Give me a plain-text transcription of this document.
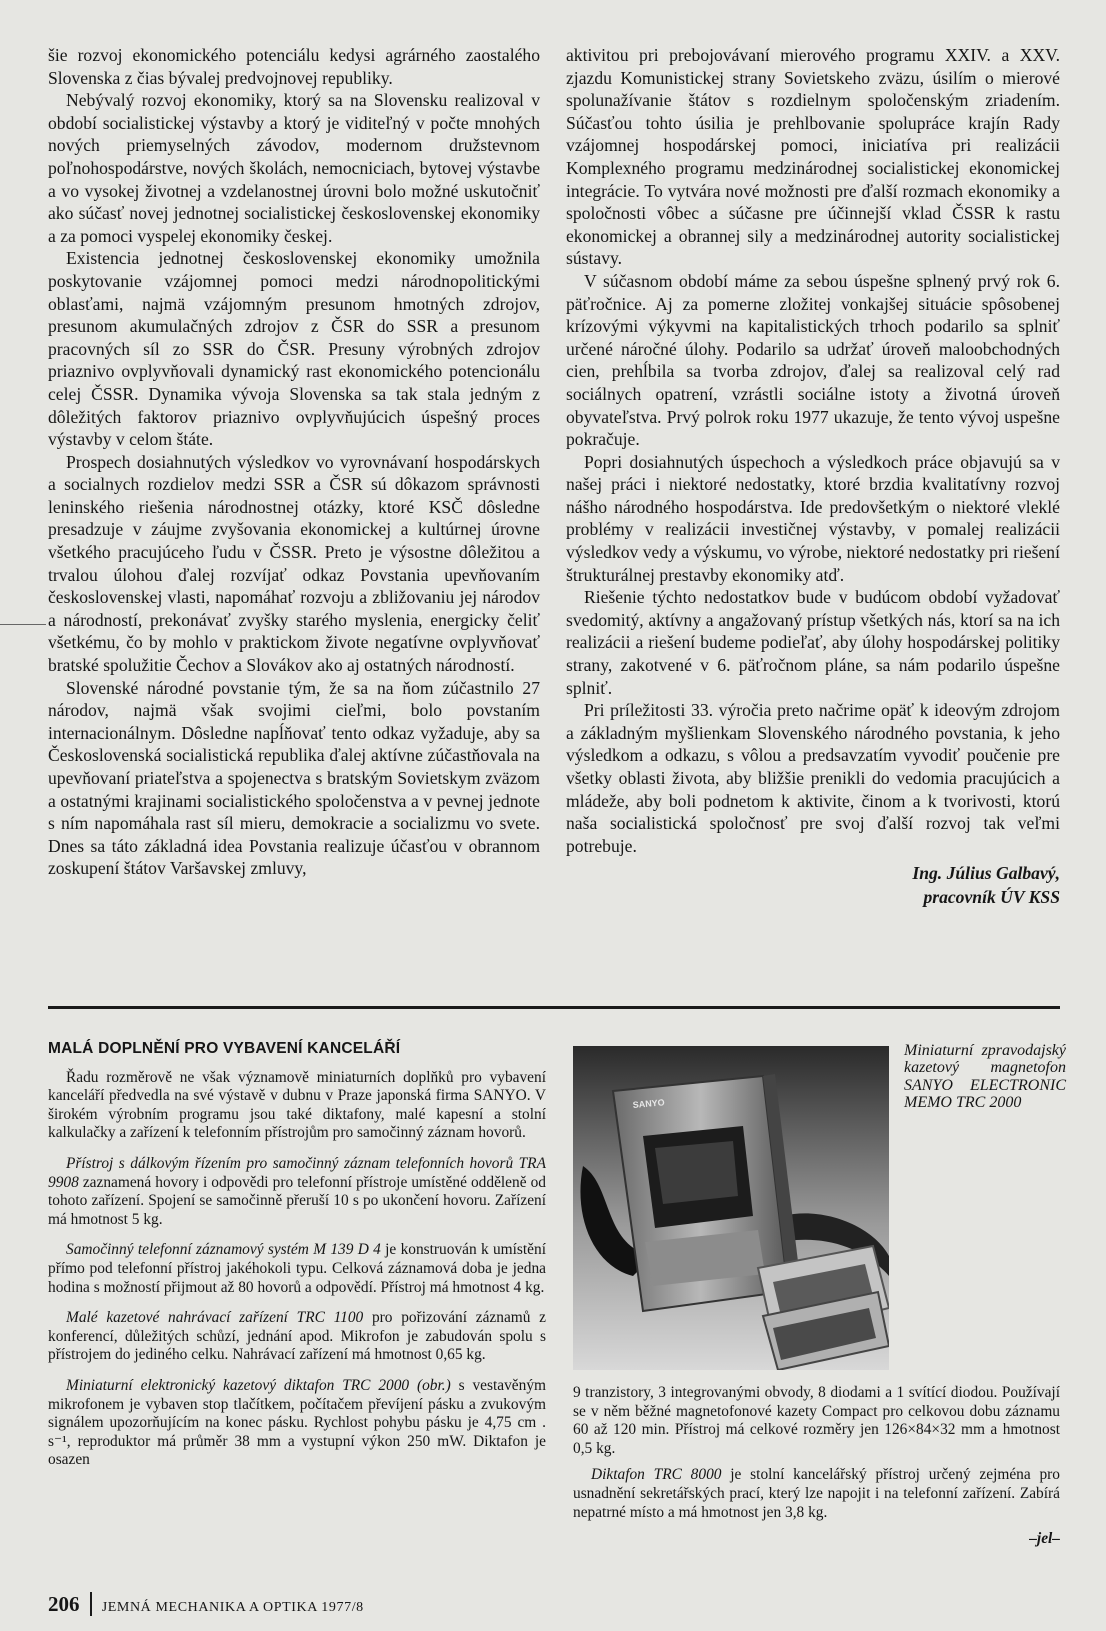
šie rozvoj ekonomického potenciálu kedysi agrárného zaostalého Slovenska z čias bývalej predvojnovej republiky.

Nebývalý rozvoj ekonomiky, ktorý sa na Slovensku realizoval v období socialistickej výstavby a ktorý je viditeľný v počte mnohých nových priemyselných závodov, modernom družstevnom poľnohospodárstve, nových školách, nemocniciach, bytovej výstavbe a vo vysokej životnej a vzdelanostnej úrovni bolo možné uskutočniť ako súčasť novej jednotnej socialistickej československej ekonomiky a za pomoci vyspelej ekonomiky českej.

Existencia jednotnej československej ekonomiky umožnila poskytovanie vzájomnej pomoci medzi národnopolitickými oblasťami, najmä vzájomným presunom hmotných zdrojov, presunom akumulačných zdrojov z ČSR do SSR a presunom pracovných síl zo SSR do ČSR. Presuny výrobných zdrojov priaznivo ovplyvňovali dynamický rast ekonomického potencionálu celej ČSSR. Dynamika vývoja Slovenska sa tak stala jedným z dôležitých faktorov priaznivo ovplyvňujúcich úspešný proces výstavby v celom štáte.

Prospech dosiahnutých výsledkov vo vyrovnávaní hospodárskych a socialnych rozdielov medzi SSR a ČSR sú dôkazom správnosti leninského riešenia národnostnej otázky, ktoré KSČ dôsledne presadzuje v záujme zvyšovania ekonomickej a kultúrnej úrovne všetkého pracujúceho ľudu v ČSSR. Preto je výsostne dôležitou a trvalou úlohou ďalej rozvíjať odkaz Povstania upevňovaním československej vlasti, napomáhať rozvoju a zbližovaniu jej národov a národností, prekonávať zvyšky starého myslenia, energicky čeliť všetkému, čo by mohlo v praktickom živote negatívne ovplyvňovať bratské spolužitie Čechov a Slovákov ako aj ostatných národností.

Slovenské národné povstanie tým, že sa na ňom zúčastnilo 27 národov, najmä však svojimi cieľmi, bolo povstaním internacionálnym. Dôsledne napĺňovať tento odkaz vyžaduje, aby sa Československá socialistická republika ďalej aktívne zúčastňovala na upevňovaní priateľstva a spojenectva s bratským Sovietskym zväzom a ostatnými krajinami socialistického spoločenstva a v pevnej jednote s ním napomáhala rast síl mieru, demokracie a socializmu vo svete. Dnes sa táto základná idea Povstania realizuje účasťou v obrannom zoskupení štátov Varšavskej zmluvy,

aktivitou pri prebojovávaní mierového programu XXIV. a XXV. zjazdu Komunistickej strany Sovietskeho zväzu, úsilím o mierové spolunažívanie štátov s rozdielnym spoločenským zriadením. Súčasťou tohto úsilia je prehlbovanie spolupráce krajín Rady vzájomnej hospodárskej pomoci, iniciatíva pri realizácii Komplexného programu medzinárodnej socialistickej ekonomickej integrácie. To vytvára nové možnosti pre ďalší rozmach ekonomiky a spoločnosti vôbec a súčasne pre účinnejší vklad ČSSR k rastu ekonomickej a obrannej sily a medzinárodnej autority socialistickej sústavy.

V súčasnom období máme za sebou úspešne splnený prvý rok 6. päťročnice. Aj za pomerne zložitej vonkajšej situácie spôsobenej krízovými výkyvmi na kapitalistických trhoch podarilo sa splniť určené náročné úlohy. Podarilo sa udržať úroveň maloobchodných cien, prehĺbila sa tvorba zdrojov, ďalej sa realizoval celý rad sociálnych opatrení, vzrástli sociálne istoty a životná úroveň obyvateľstva. Prvý polrok roku 1977 ukazuje, že tento vývoj uspešne pokračuje.

Popri dosiahnutých úspechoch a výsledkoch práce objavujú sa v našej práci i niektoré nedostatky, ktoré brzdia kvalitatívny rozvoj nášho národného hospodárstva. Ide predovšetkým o niektoré vleklé problémy v realizácii investičnej výstavby, v pomalej realizácii výsledkov vedy a výskumu, vo výrobe, niektoré nedostatky pri riešení štrukturálnej prestavby ekonomiky atď.

Riešenie týchto nedostatkov bude v budúcom období vyžadovať svedomitý, aktívny a angažovaný prístup všetkých nás, ktorí sa na ich realizácii a riešení budeme podieľať, aby úlohy hospodárskej politiky strany, zakotvené v 6. päťročnom pláne, sa nám podarilo úspešne splniť.

Pri príležitosti 33. výročia preto načrime opäť k ideovým zdrojom a základným myšlienkam Slovenského národného povstania, k jeho výsledkom a odkazu, s vôlou a predsavzatím vyvodiť poučenie pre všetky oblasti života, aby bližšie prenikli do vedomia pracujúcich a mládeže, aby boli podnetom k aktivite, činom a k tvorivosti, ktorú naša socialistická spoločnosť pre svoj ďalší rozvoj tak veľmi potrebuje.

Ing. Július Galbavý,
pracovník ÚV KSS
MALÁ DOPLNĚNÍ PRO VYBAVENÍ KANCELÁŘÍ

Řadu rozměrově ne však významově miniaturních doplňků pro vybavení kanceláří předvedla na své výstavě v dubnu v Praze japonská firma SANYO. V širokém výrobním programu jsou také diktafony, malé kapesní a stolní kalkulačky a zařízení k telefonním přístrojům pro samočinný záznam hovorů.

Přístroj s dálkovým řízením pro samočinný záznam telefonních hovorů TRA 9908 zaznamená hovory i odpovědi pro telefonní přístroje umístěné odděleně od tohoto zařízení. Spojení se samočinně přeruší 10 s po ukončení hovoru. Zařízení má hmotnost 5 kg.

Samočinný telefonní záznamový systém M 139 D 4 je konstruován k umístění přímo pod telefonní přístroj jakéhokoli typu. Celková záznamová doba je jedna hodina s možností přijmout až 80 hovorů a odpovědí. Přístroj má hmotnost 4 kg.

Malé kazetové nahrávací zařízení TRC 1100 pro pořizování záznamů z konferencí, důležitých schůzí, jednání apod. Mikrofon je zabudován spolu s přístrojem do jediného celku. Nahrávací zařízení má hmotnost 0,65 kg.

Miniaturní elektronický kazetový diktafon TRC 2000 (obr.) s vestavěným mikrofonem je vybaven stop tlačítkem, počítačem převíjení pásku a zvukovým signálem upozorňujícím na konec pásku. Rychlost pohybu pásku je 4,75 cm . s⁻¹, reproduktor má průměr 38 mm a vystupní výkon 250 mW. Diktafon je osazen

SANYO
Miniaturní zpravodajský kazetový magnetofon SANYO ELECTRONIC MEMO TRC 2000

9 tranzistory, 3 integrovanými obvody, 8 diodami a 1 svítící diodou. Používají se v něm běžné magnetofonové kazety Compact pro celkovou dobu záznamu 60 až 120 min. Přístroj má celkové rozměry jen 126×84×32 mm a hmotnost 0,5 kg.

Diktafon TRC 8000 je stolní kancelářský přístroj určený zejména pro usnadnění sekretářských prací, který lze napojit i na telefonní zařízení. Zabírá nepatrné místo a má hmotnost jen 3,8 kg.

–jel–
206 JEMNÁ MECHANIKA A OPTIKA 1977/8
